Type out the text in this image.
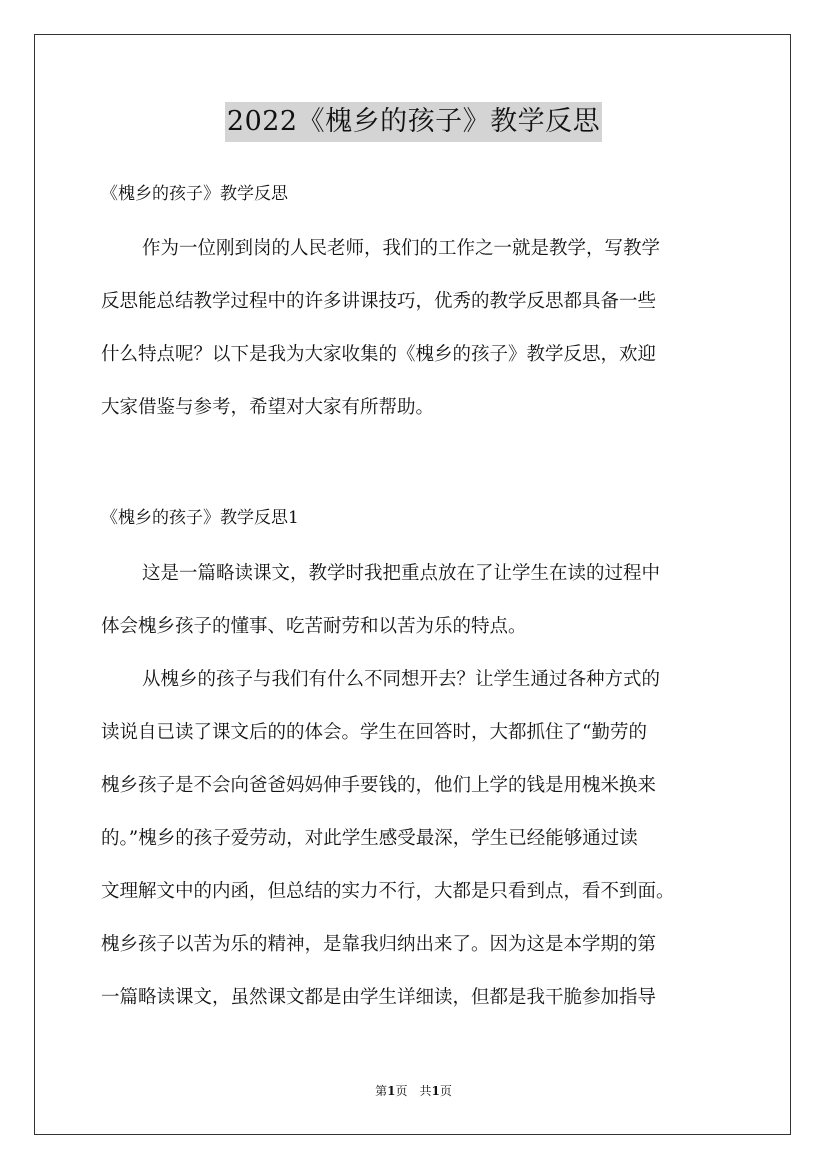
2022《槐乡的孩子》教学反思

《槐乡的孩子》教学反思

作为一位刚到岗的人民老师，我们的工作之一就是教学，写教学

反思能总结教学过程中的许多讲课技巧，优秀的教学反思都具备一些

什么特点呢？以下是我为大家收集的《槐乡的孩子》教学反思，欢迎

大家借鉴与参考，希望对大家有所帮助。

《槐乡的孩子》教学反思1

这是一篇略读课文，教学时我把重点放在了让学生在读的过程中

体会槐乡孩子的懂事、吃苦耐劳和以苦为乐的特点。

从槐乡的孩子与我们有什么不同想开去？让学生通过各种方式的

读说自已读了课文后的的体会。学生在回答时，大都抓住了“勤劳的

槐乡孩子是不会向爸爸妈妈伸手要钱的，他们上学的钱是用槐米换来

的。”槐乡的孩子爱劳动，对此学生感受最深，学生已经能够通过读

文理解文中的内函，但总结的实力不行，大都是只看到点，看不到面。

槐乡孩子以苦为乐的精神，是靠我归纳出来了。因为这是本学期的第

一篇略读课文，虽然课文都是由学生详细读，但都是我干脆参加指导

第1页　共1页
